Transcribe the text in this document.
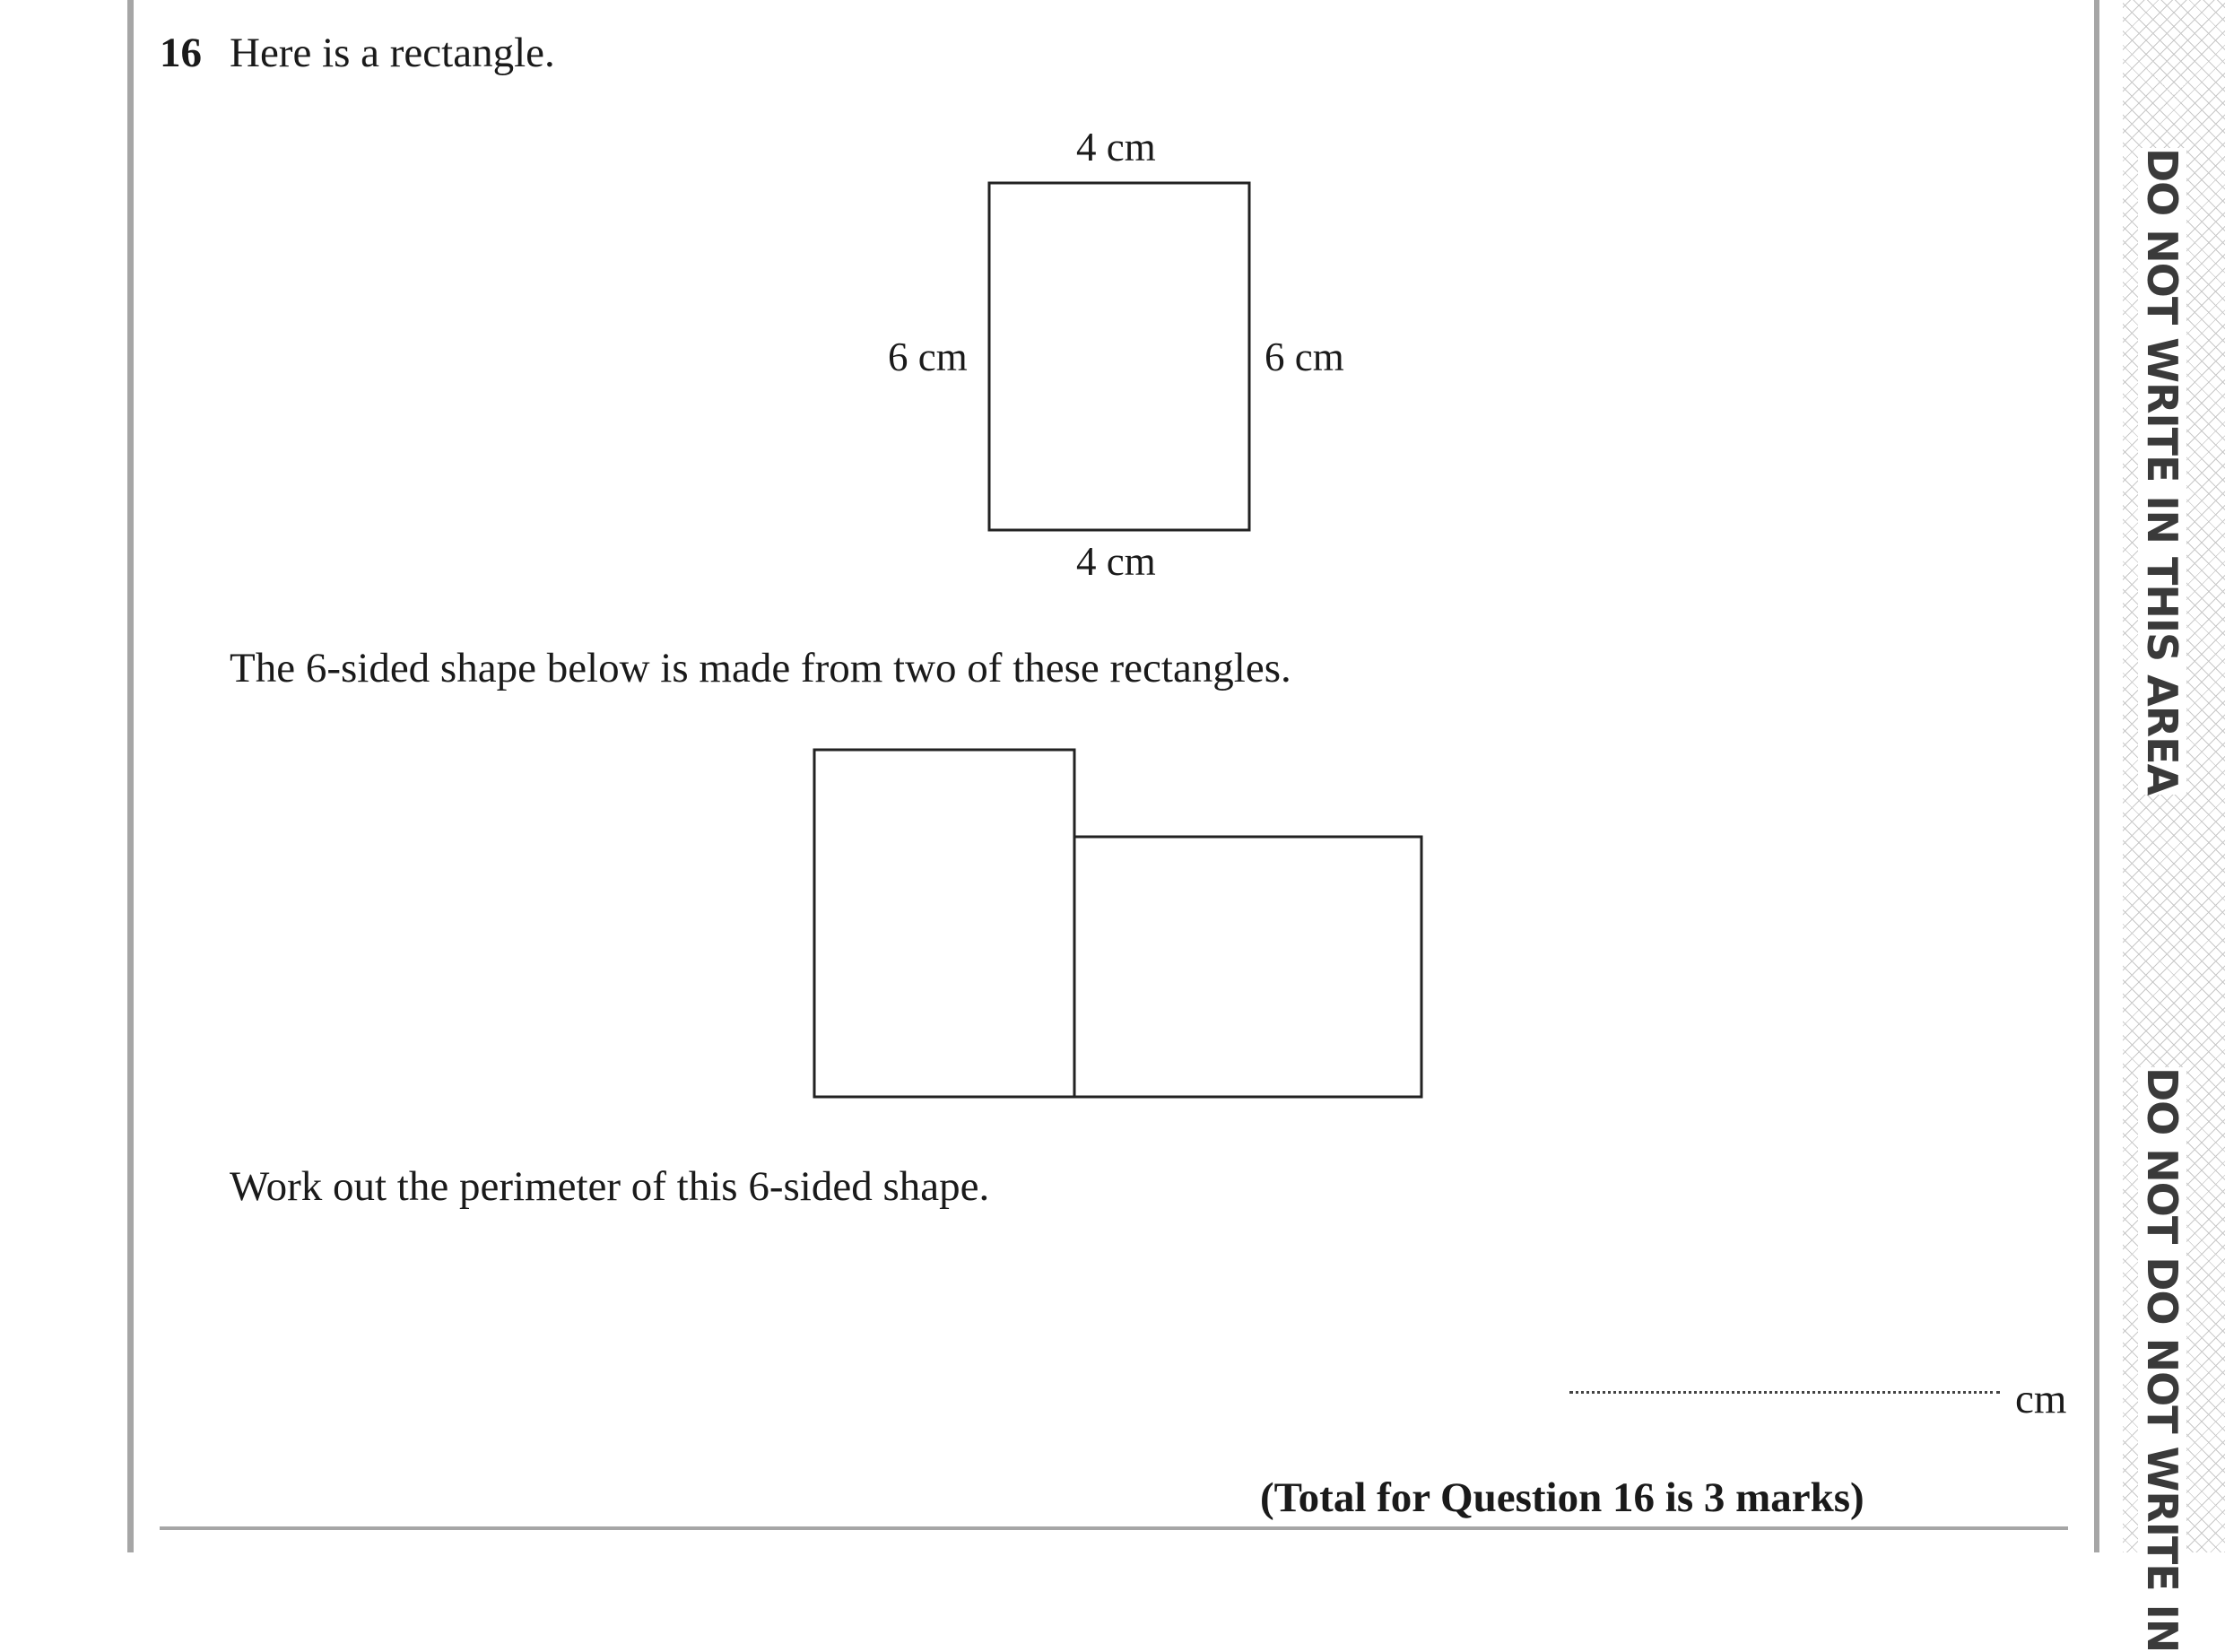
DO NOT WRITE IN THIS AREA
DO NOT DO NOT WRITE IN
16 Here is a rectangle.
4 cm
4 cm
6 cm	6 cm
The 6-sided shape below is made from two of these rectangles.
Work out the perimeter of this 6-sided shape.
cm
(Total for Question 16 is 3 marks)
